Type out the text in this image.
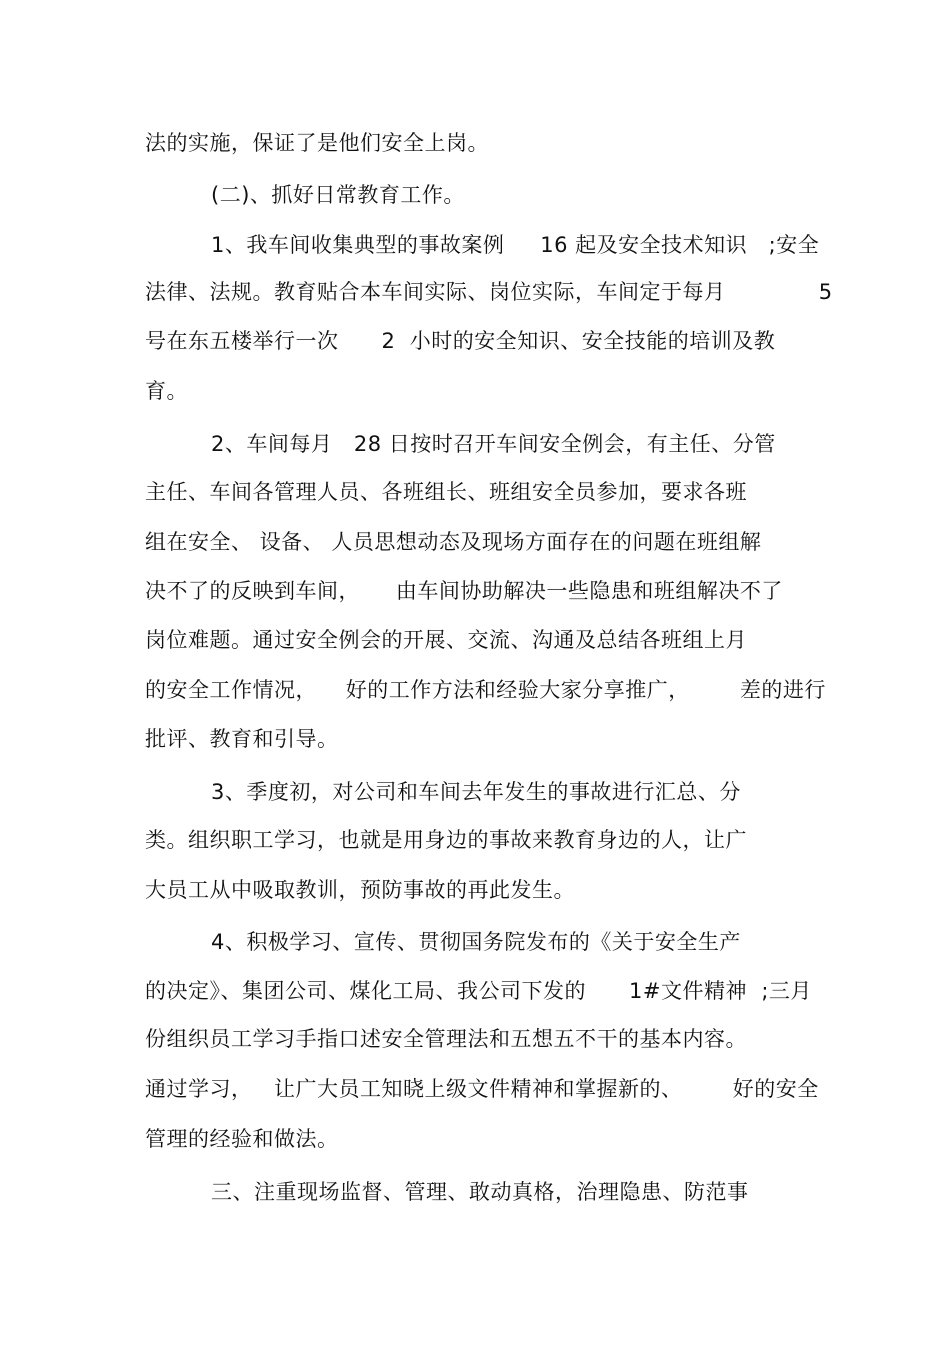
法的实施，保证了是他们安全上岗。
(二)、抓好日常教育工作。
1、我车间收集典型的事故案例     16 起及安全技术知识   ;安全
法律、法规。教育贴合本车间实际、岗位实际，车间定于每月             5
号在东五楼举行一次      2  小时的安全知识、安全技能的培训及教
育。
2、车间每月   28 日按时召开车间安全例会，有主任、分管
主任、车间各管理人员、各班组长、班组安全员参加，要求各班
组在安全、 设备、 人员思想动态及现场方面存在的问题在班组解
决不了的反映到车间，     由车间协助解决一些隐患和班组解决不了
岗位难题。通过安全例会的开展、交流、沟通及总结各班组上月
的安全工作情况，    好的工作方法和经验大家分享推广，       差的进行
批评、教育和引导。
3、季度初，对公司和车间去年发生的事故进行汇总、分
类。组织职工学习，也就是用身边的事故来教育身边的人，让广
大员工从中吸取教训，预防事故的再此发生。
4、积极学习、宣传、贯彻国务院发布的《关于安全生产
的决定》、集团公司、煤化工局、我公司下发的      1#文件精神  ;三月
份组织员工学习手指口述安全管理法和五想五不干的基本内容。
通过学习，   让广大员工知晓上级文件精神和掌握新的、       好的安全
管理的经验和做法。
三、注重现场监督、管理、敢动真格，治理隐患、防范事
